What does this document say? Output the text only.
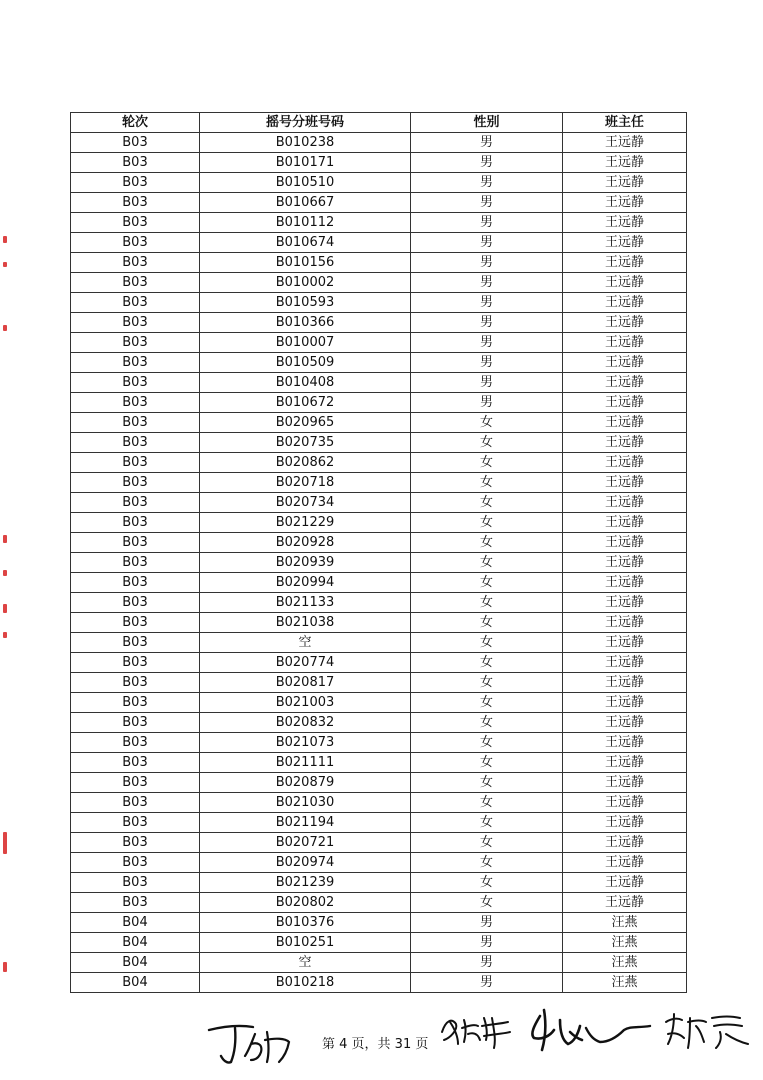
轮次	摇号分班号码	性别	班主任
B03	B010238	男	王远静
B03	B010171	男	王远静
B03	B010510	男	王远静
B03	B010667	男	王远静
B03	B010112	男	王远静
B03	B010674	男	王远静
B03	B010156	男	王远静
B03	B010002	男	王远静
B03	B010593	男	王远静
B03	B010366	男	王远静
B03	B010007	男	王远静
B03	B010509	男	王远静
B03	B010408	男	王远静
B03	B010672	男	王远静
B03	B020965	女	王远静
B03	B020735	女	王远静
B03	B020862	女	王远静
B03	B020718	女	王远静
B03	B020734	女	王远静
B03	B021229	女	王远静
B03	B020928	女	王远静
B03	B020939	女	王远静
B03	B020994	女	王远静
B03	B021133	女	王远静
B03	B021038	女	王远静
B03	空	女	王远静
B03	B020774	女	王远静
B03	B020817	女	王远静
B03	B021003	女	王远静
B03	B020832	女	王远静
B03	B021073	女	王远静
B03	B021111	女	王远静
B03	B020879	女	王远静
B03	B021030	女	王远静
B03	B021194	女	王远静
B03	B020721	女	王远静
B03	B020974	女	王远静
B03	B021239	女	王远静
B03	B020802	女	王远静
B04	B010376	男	汪燕
B04	B010251	男	汪燕
B04	空	男	汪燕
B04	B010218	男	汪燕
第 4 页，共 31 页
